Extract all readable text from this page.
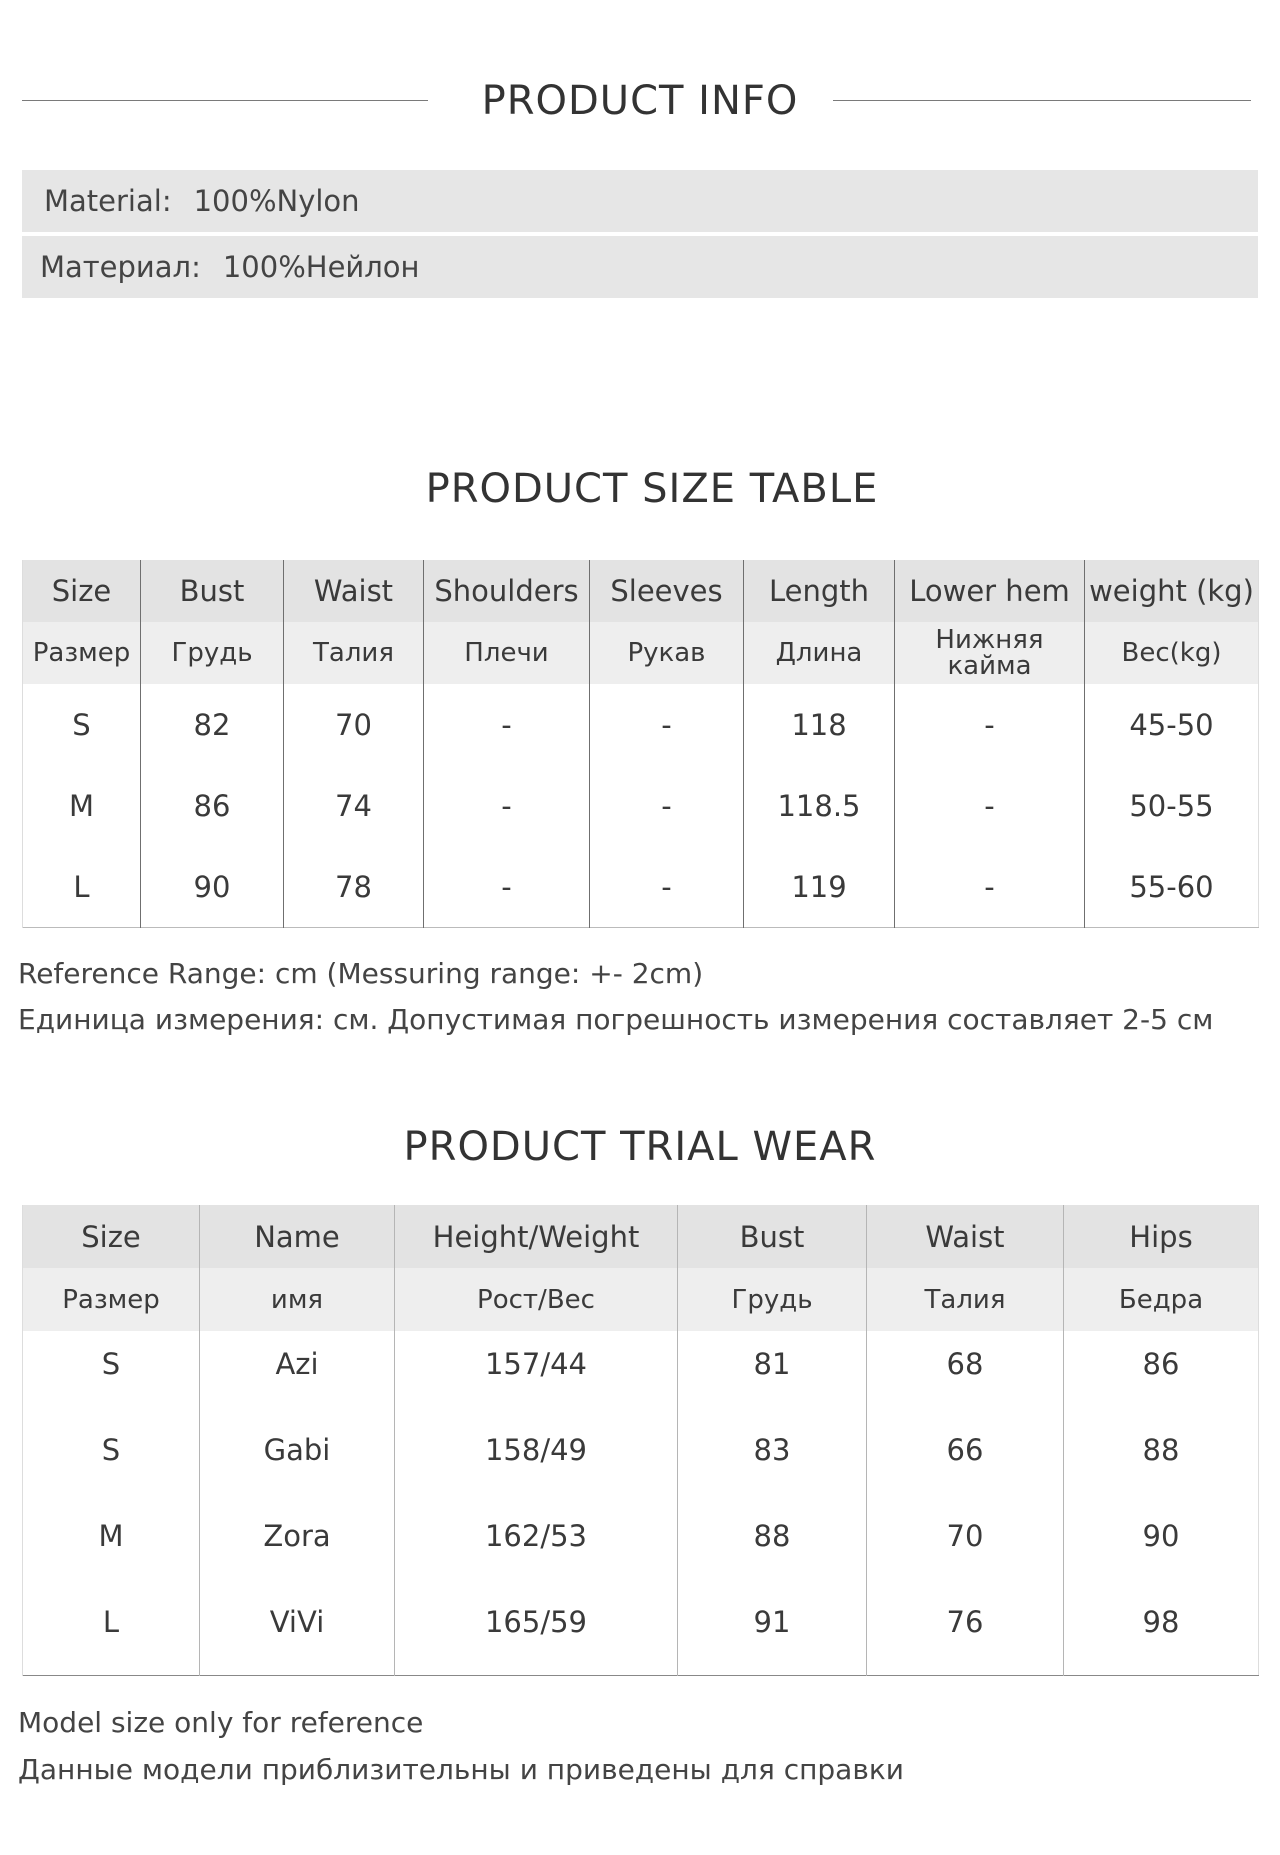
PRODUCT INFO
Material: 100%Nylon
Материал: 100%Нейлон
PRODUCT SIZE TABLE
Size	Bust	Waist	Shoulders	Sleeves	Length	Lower hem	weight (kg)
Размер	Грудь	Талия	Плечи	Рукав	Длина	Нижняя кайма	Вес(kg)
S	82	70	-	-	118	-	45-50
M	86	74	-	-	118.5	-	50-55
L	90	78	-	-	119	-	55-60
Reference Range: cm (Messuring range: +- 2cm)
Единица измерения: см. Допустимая погрешность измерения составляет 2-5 см
PRODUCT TRIAL WEAR
Size	Name	Height/Weight	Bust	Waist	Hips
Размер	имя	Рост/Вес	Грудь	Талия	Бедра
S	Azi	157/44	81	68	86
S	Gabi	158/49	83	66	88
M	Zora	162/53	88	70	90
L	ViVi	165/59	91	76	98
Model size only for reference
Данные модели приблизительны и приведены для справки
